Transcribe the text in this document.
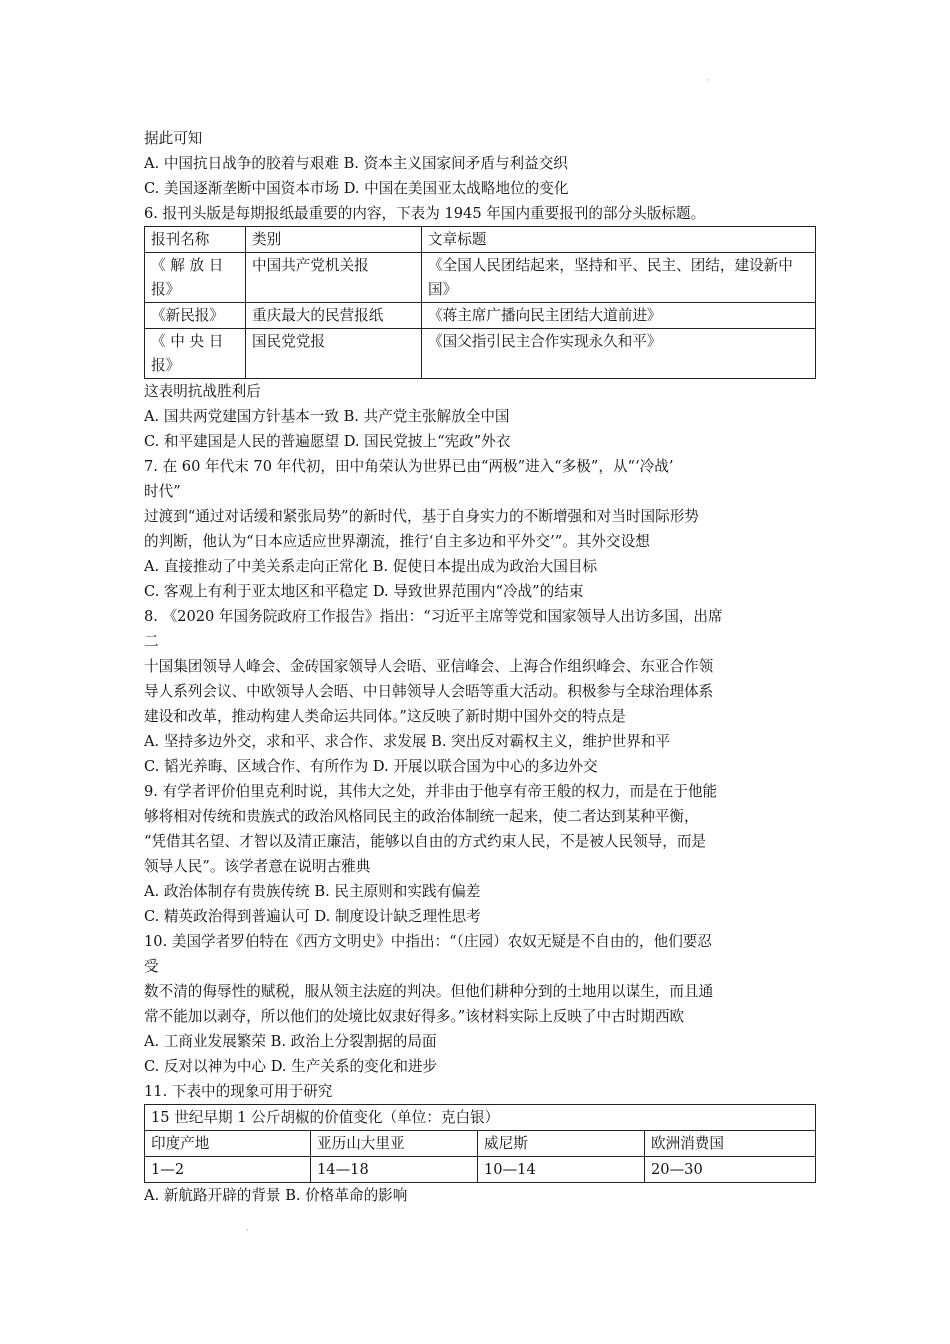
·
·
据此可知
A. 中国抗日战争的胶着与艰难 B. 资本主义国家间矛盾与利益交织
C. 美国逐渐垄断中国资本市场 D. 中国在美国亚太战略地位的变化
6. 报刊头版是每期报纸最重要的内容，下表为 1945 年国内重要报刊的部分头版标题。
报刊名称	类别	文章标题
《 解 放 日
报》	中国共产党机关报	《全国人民团结起来，坚持和平、民主、团结，建设新中国》
《新民报》	重庆最大的民营报纸	《蒋主席广播向民主团结大道前进》
《 中 央 日
报》	国民党党报	《国父指引民主合作实现永久和平》
这表明抗战胜利后
A. 国共两党建国方针基本一致 B. 共产党主张解放全中国
C. 和平建国是人民的普遍愿望 D. 国民党披上“宪政”外衣
7. 在 60 年代末 70 年代初，田中角荣认为世界已由“两极”进入“多极”，从“‘冷战’
时代”
过渡到“通过对话缓和紧张局势”的新时代，基于自身实力的不断增强和对当时国际形势
的判断，他认为“日本应适应世界潮流，推行‘自主多边和平外交’”。其外交设想
A. 直接推动了中美关系走向正常化 B. 促使日本提出成为政治大国目标
C. 客观上有利于亚太地区和平稳定 D. 导致世界范围内“冷战”的结束
8. 《2020 年国务院政府工作报告》指出：“习近平主席等党和国家领导人出访多国，出席
二
十国集团领导人峰会、金砖国家领导人会晤、亚信峰会、上海合作组织峰会、东亚合作领
导人系列会议、中欧领导人会晤、中日韩领导人会晤等重大活动。积极参与全球治理体系
建设和改革，推动构建人类命运共同体。”这反映了新时期中国外交的特点是
A. 坚持多边外交，求和平、求合作、求发展 B. 突出反对霸权主义，维护世界和平
C. 韬光养晦、区域合作、有所作为 D. 开展以联合国为中心的多边外交
9. 有学者评价伯里克利时说，其伟大之处，并非由于他享有帝王般的权力，而是在于他能
够将相对传统和贵族式的政治风格同民主的政治体制统一起来，使二者达到某种平衡，
“凭借其名望、才智以及清正廉洁，能够以自由的方式约束人民，不是被人民领导，而是
领导人民”。该学者意在说明古雅典
A. 政治体制存有贵族传统 B. 民主原则和实践有偏差
C. 精英政治得到普遍认可 D. 制度设计缺乏理性思考
10. 美国学者罗伯特在《西方文明史》中指出：“（庄园）农奴无疑是不自由的，他们要忍
受
数不清的侮辱性的赋税，服从领主法庭的判决。但他们耕种分到的土地用以谋生，而且通
常不能加以剥夺，所以他们的处境比奴隶好得多。”该材料实际上反映了中古时期西欧
A. 工商业发展繁荣 B. 政治上分裂割据的局面
C. 反对以神为中心 D. 生产关系的变化和进步
11. 下表中的现象可用于研究
15 世纪早期 1 公斤胡椒的价值变化（单位：克白银）			
印度产地	亚历山大里亚	威尼斯	欧洲消费国
1—2	14—18	10—14	20—30
A. 新航路开辟的背景 B. 价格革命的影响
